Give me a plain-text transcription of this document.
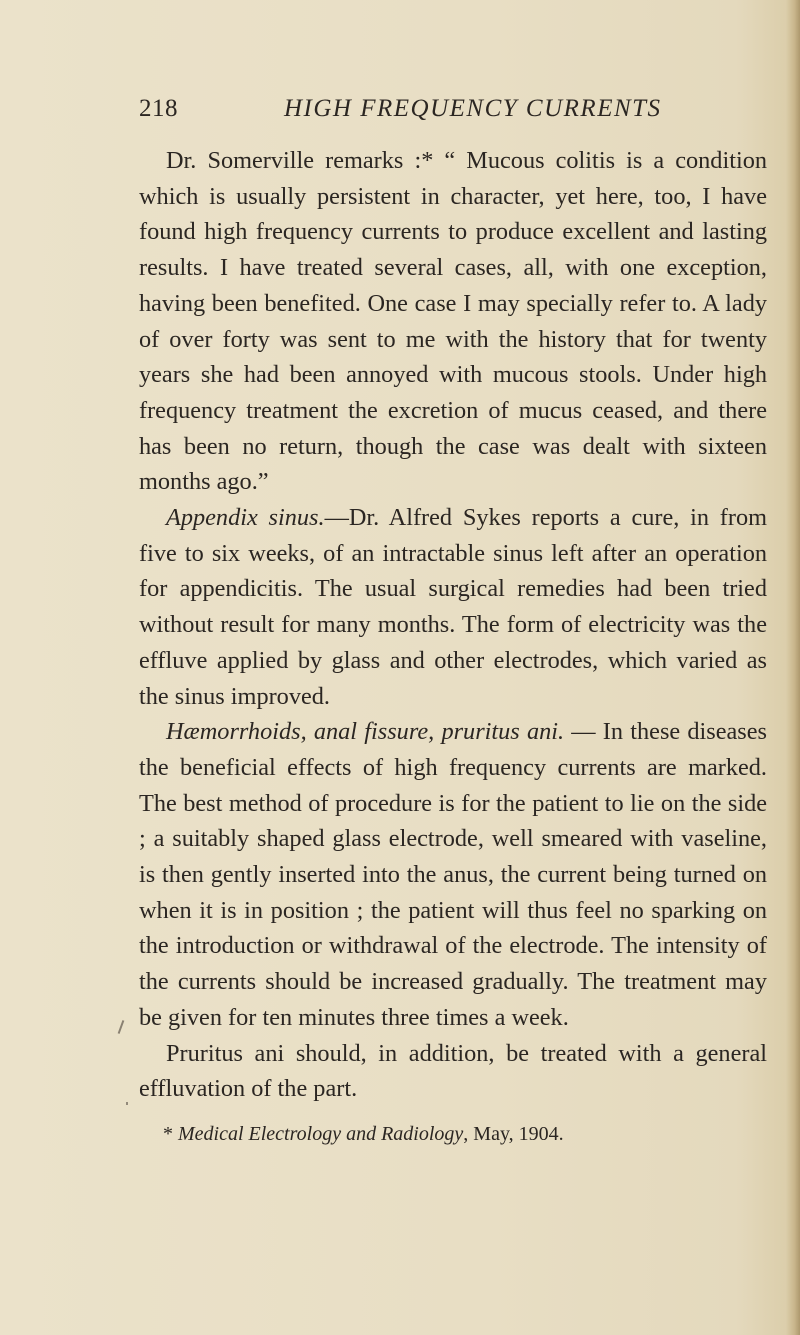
218	HIGH FREQUENCY CURRENTS

Dr. Somerville remarks :* “ Mucous colitis is a condition which is usually persistent in character, yet here, too, I have found high frequency currents to produce excellent and lasting results. I have treated several cases, all, with one exception, having been benefited. One case I may specially refer to. A lady of over forty was sent to me with the history that for twenty years she had been annoyed with mucous stools. Under high frequency treatment the excretion of mucus ceased, and there has been no return, though the case was dealt with sixteen months ago.”

Appendix sinus.—Dr. Alfred Sykes reports a cure, in from five to six weeks, of an intractable sinus left after an operation for appendicitis. The usual surgical remedies had been tried without result for many months. The form of electricity was the effluve applied by glass and other electrodes, which varied as the sinus improved.

Hæmorrhoids, anal fissure, pruritus ani. — In these diseases the beneficial effects of high frequency currents are marked. The best method of procedure is for the patient to lie on the side ; a suitably shaped glass electrode, well smeared with vaseline, is then gently inserted into the anus, the current being turned on when it is in position ; the patient will thus feel no sparking on the introduction or withdrawal of the electrode. The intensity of the currents should be increased gradually. The treatment may be given for ten minutes three times a week.

Pruritus ani should, in addition, be treated with a general effluvation of the part.

* Medical Electrology and Radiology, May, 1904.
